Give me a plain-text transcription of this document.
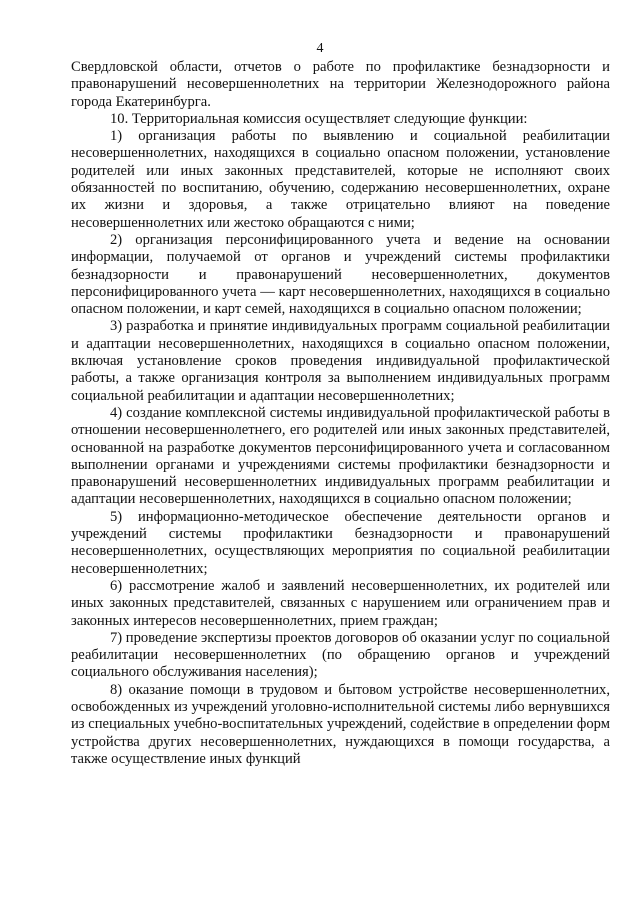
4

Свердловской области, отчетов о работе по профилактике безнадзорности и правонарушений несовершеннолетних на территории Железнодорожного района города Екатеринбурга.

10. Территориальная комиссия осуществляет следующие функции:

1) организация работы по выявлению и социальной реабилитации несовершеннолетних, находящихся в социально опасном положении, установление родителей или иных законных представителей, которые не исполняют своих обязанностей по воспитанию, обучению, содержанию несовершеннолетних, охране их жизни и здоровья, а также отрицательно влияют на поведение несовершеннолетних или жестоко обращаются с ними;

2) организация персонифицированного учета и ведение на основании информации, получаемой от органов и учреждений системы профилактики безнадзорности и правонарушений несовершеннолетних, документов персонифицированного учета — карт несовершеннолетних, находящихся в социально опасном положении, и карт семей, находящихся в социально опасном положении;

3) разработка и принятие индивидуальных программ социальной реабилитации и адаптации несовершеннолетних, находящихся в социально опасном положении, включая установление сроков проведения индивидуальной профилактической работы, а также организация контроля за выполнением индивидуальных программ социальной реабилитации и адаптации несовершеннолетних;

4) создание комплексной системы индивидуальной профилактической работы в отношении несовершеннолетнего, его родителей или иных законных представителей, основанной на разработке документов персонифицированного учета и согласованном выполнении органами и учреждениями системы профилактики безнадзорности и правонарушений несовершеннолетних индивидуальных программ реабилитации и адаптации несовершеннолетних, находящихся в социально опасном положении;

5) информационно-методическое обеспечение деятельности органов и учреждений системы профилактики безнадзорности и правонарушений несовершеннолетних, осуществляющих мероприятия по социальной реабилитации несовершеннолетних;

6) рассмотрение жалоб и заявлений несовершеннолетних, их родителей или иных законных представителей, связанных с нарушением или ограничением прав и законных интересов несовершеннолетних, прием граждан;

7) проведение экспертизы проектов договоров об оказании услуг по социальной реабилитации несовершеннолетних (по обращению органов и учреждений социального обслуживания населения);

8) оказание помощи в трудовом и бытовом устройстве несовершеннолетних, освобожденных из учреждений уголовно-исполнительной системы либо вернувшихся из специальных учебно-воспитательных учреждений, содействие в определении форм устройства других несовершеннолетних, нуждающихся в помощи государства, а также осуществление иных функций
